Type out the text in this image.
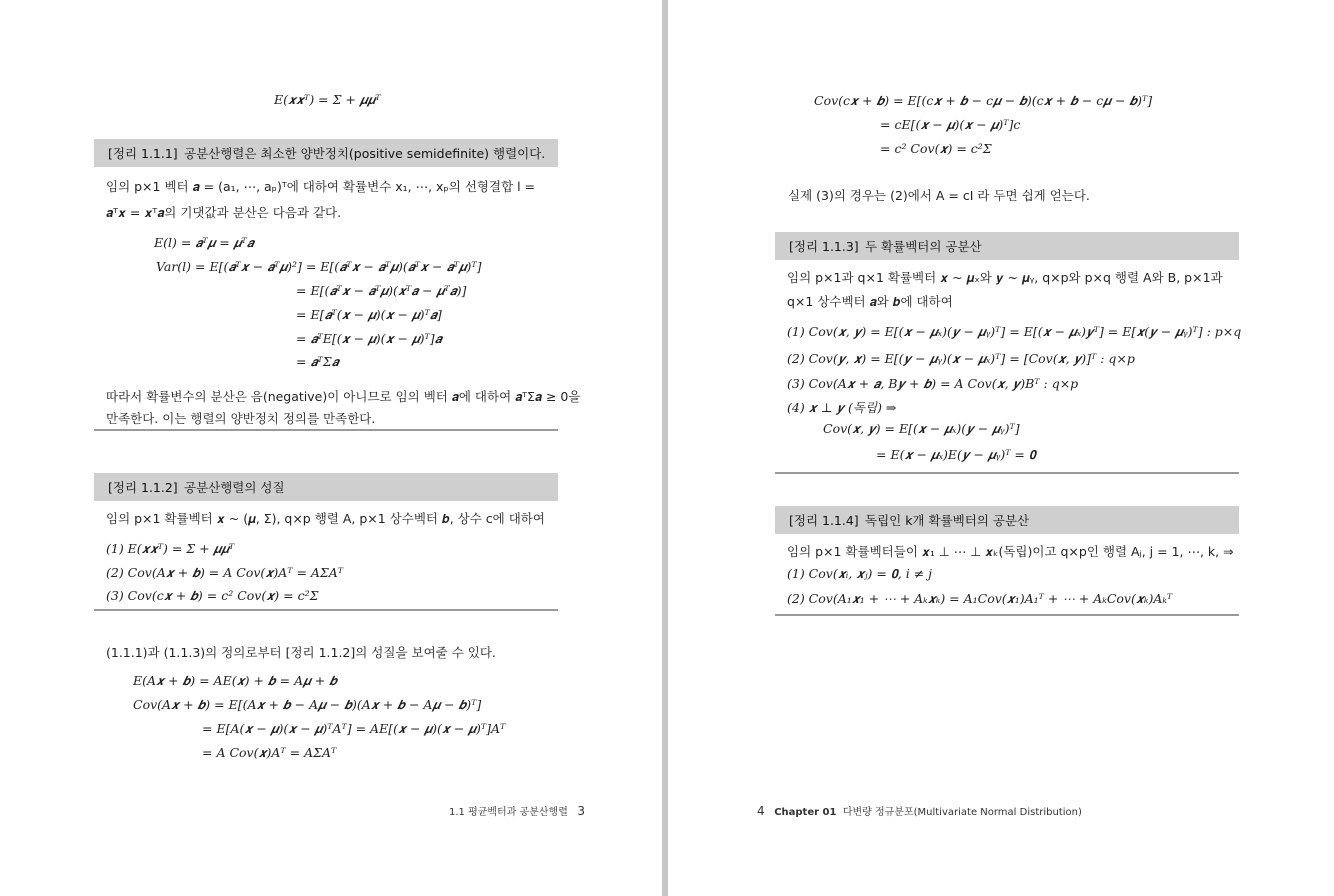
E(𝒙𝒙ᵀ) = Σ + 𝝁𝝁ᵀ
[정리 1.1.1] 공분산행렬은 최소한 양반정치(positive semidefinite) 행렬이다.
임의 p×1 벡터 𝒂 = (a₁, ⋯, aₚ)ᵀ에 대하여 확률변수 x₁, ⋯, xₚ의 선형결합 l =
𝒂ᵀ𝒙 = 𝒙ᵀ𝒂의 기댓값과 분산은 다음과 같다.
E(l) = 𝒂ᵀ𝝁 = 𝝁ᵀ𝒂
Var(l) = E[(𝒂ᵀ𝒙 − 𝒂ᵀ𝝁)²] = E[(𝒂ᵀ𝒙 − 𝒂ᵀ𝝁)(𝒂ᵀ𝒙 − 𝒂ᵀ𝝁)ᵀ]
= E[(𝒂ᵀ𝒙 − 𝒂ᵀ𝝁)(𝒙ᵀ𝒂 − 𝝁ᵀ𝒂)]
= E[𝒂ᵀ(𝒙 − 𝝁)(𝒙 − 𝝁)ᵀ𝒂]
= 𝒂ᵀE[(𝒙 − 𝝁)(𝒙 − 𝝁)ᵀ]𝒂
= 𝒂ᵀΣ𝒂
따라서 확률변수의 분산은 음(negative)이 아니므로 임의 벡터 𝒂에 대하여 𝒂ᵀΣ𝒂 ≥ 0을
만족한다. 이는 행렬의 양반정치 정의를 만족한다.
[정리 1.1.2] 공분산행렬의 성질
임의 p×1 확률벡터 𝒙 ~ (𝝁, Σ), q×p 행렬 A, p×1 상수벡터 𝒃, 상수 c에 대하여
(1) E(𝒙𝒙ᵀ) = Σ + 𝝁𝝁ᵀ
(2) Cov(A𝒙 + 𝒃) = A Cov(𝒙)Aᵀ = AΣAᵀ
(3) Cov(c𝒙 + 𝒃) = c² Cov(𝒙) = c²Σ
(1.1.1)과 (1.1.3)의 정의로부터 [정리 1.1.2]의 성질을 보여줄 수 있다.
E(A𝒙 + 𝒃) = AE(𝒙) + 𝒃 = A𝝁 + 𝒃
Cov(A𝒙 + 𝒃) = E[(A𝒙 + 𝒃 − A𝝁 − 𝒃)(A𝒙 + 𝒃 − A𝝁 − 𝒃)ᵀ]
= E[A(𝒙 − 𝝁)(𝒙 − 𝝁)ᵀAᵀ] = AE[(𝒙 − 𝝁)(𝒙 − 𝝁)ᵀ]Aᵀ
= A Cov(𝒙)Aᵀ = AΣAᵀ
1.1 평균벡터과 공분산행렬 3
Cov(c𝒙 + 𝒃) = E[(c𝒙 + 𝒃 − c𝝁 − 𝒃)(c𝒙 + 𝒃 − c𝝁 − 𝒃)ᵀ]
= cE[(𝒙 − 𝝁)(𝒙 − 𝝁)ᵀ]c
= c² Cov(𝒙) = c²Σ
실제 (3)의 경우는 (2)에서 A = cI 라 두면 쉽게 얻는다.
[정리 1.1.3] 두 확률벡터의 공분산
임의 p×1과 q×1 확률벡터 𝒙 ~ 𝝁ₓ와 𝒚 ~ 𝝁ᵧ, q×p와 p×q 행렬 A와 B, p×1과
q×1 상수벡터 𝒂와 𝒃에 대하여
(1) Cov(𝒙, 𝒚) = E[(𝒙 − 𝝁ₓ)(𝒚 − 𝝁ᵧ)ᵀ] = E[(𝒙 − 𝝁ₓ)𝒚ᵀ] = E[𝒙(𝒚 − 𝝁ᵧ)ᵀ] : p×q
(2) Cov(𝒚, 𝒙) = E[(𝒚 − 𝝁ᵧ)(𝒙 − 𝝁ₓ)ᵀ] = [Cov(𝒙, 𝒚)]ᵀ : q×p
(3) Cov(A𝒙 + 𝒂, B𝒚 + 𝒃) = A Cov(𝒙, 𝒚)Bᵀ : q×p
(4) 𝒙 ⊥ 𝒚 (독립) ⇒
Cov(𝒙, 𝒚) = E[(𝒙 − 𝝁ₓ)(𝒚 − 𝝁ᵧ)ᵀ]
= E(𝒙 − 𝝁ₓ)E(𝒚 − 𝝁ᵧ)ᵀ = 𝟎
[정리 1.1.4] 독립인 k개 확률벡터의 공분산
임의 p×1 확률벡터들이 𝒙₁ ⊥ ⋯ ⊥ 𝒙ₖ(독립)이고 q×p인 행렬 Aⱼ, j = 1, ⋯, k, ⇒
(1) Cov(𝒙ᵢ, 𝒙ⱼ) = 𝟎, i ≠ j
(2) Cov(A₁𝒙₁ + ⋯ + Aₖ𝒙ₖ) = A₁Cov(𝒙₁)A₁ᵀ + ⋯ + AₖCov(𝒙ₖ)Aₖᵀ
4 Chapter 01 다변량 정규분포(Multivariate Normal Distribution)
